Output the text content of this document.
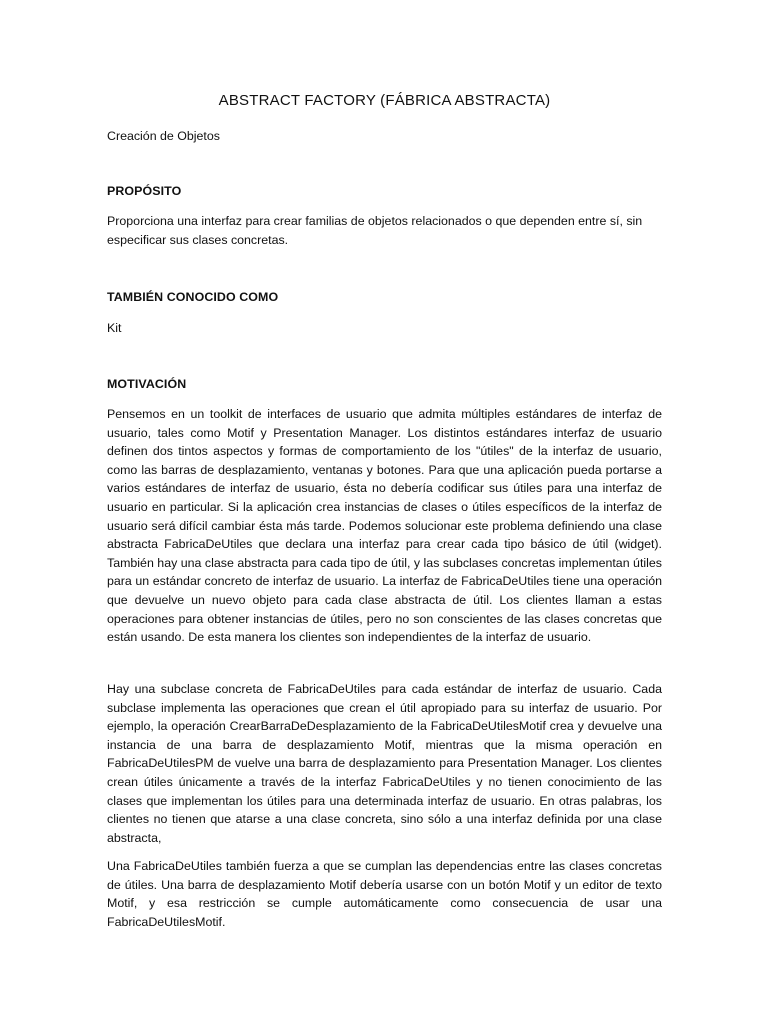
ABSTRACT FACTORY (FÁBRICA ABSTRACTA)

Creación de Objetos

PROPÓSITO

Proporciona una interfaz para crear familias de objetos relacionados o que dependen entre sí, sin especificar sus clases concretas.

TAMBIÉN CONOCIDO COMO

Kit

MOTIVACIÓN

Pensemos en un toolkit de interfaces de usuario que admita múltiples estándares de interfaz de usuario, tales como Motif y Presentation Manager. Los distintos estándares interfaz de usuario definen dos tintos aspectos y formas de comportamiento de los "útiles" de la interfaz de usuario, como las barras de desplazamiento, ventanas y botones. Para que una aplicación pueda portarse a varios estándares de interfaz de usuario, ésta no debería codificar sus útiles para una interfaz de usuario en particular. Si la aplicación crea instancias de clases o útiles específicos de la interfaz de usuario será difícil cambiar ésta más tarde. Podemos solucionar este problema definiendo una clase abstracta FabricaDeUtiles que declara una interfaz para crear cada tipo básico de útil (widget). También hay una clase abstracta para cada tipo de útil, y las subclases concretas implementan útiles para un estándar concreto de interfaz de usuario. La interfaz de FabricaDeUtiles tiene una operación que devuelve un nuevo objeto para cada clase abstracta de útil. Los clientes llaman a estas operaciones para obtener instancias de útiles, pero no son conscientes de las clases concretas que están usando. De esta manera los clientes son independientes de la interfaz de usuario.

Hay una subclase concreta de FabricaDeUtiles para cada estándar de interfaz de usuario. Cada subclase implementa las operaciones que crean el útil apropiado para su interfaz de usuario. Por ejemplo, la operación CrearBarraDeDesplazamiento de la FabricaDeUtilesMotif crea y devuelve una instancia de una barra de desplazamiento Motif, mientras que la misma operación en FabricaDeUtilesPM de vuelve una barra de desplazamiento para Presentation Manager. Los clientes crean útiles únicamente a través de la interfaz FabricaDeUtiles y no tienen conocimiento de las clases que implementan los útiles para una determinada interfaz de usuario. En otras palabras, los clientes no tienen que atarse a una clase concreta, sino sólo a una interfaz definida por una clase abstracta,

Una FabricaDeUtiles también fuerza a que se cumplan las dependencias entre las clases concretas de útiles. Una barra de desplazamiento Motif debería usarse con un botón Motif y un editor de texto Motif, y esa restricción se cumple automáticamente como consecuencia de usar una FabricaDeUtilesMotif.
